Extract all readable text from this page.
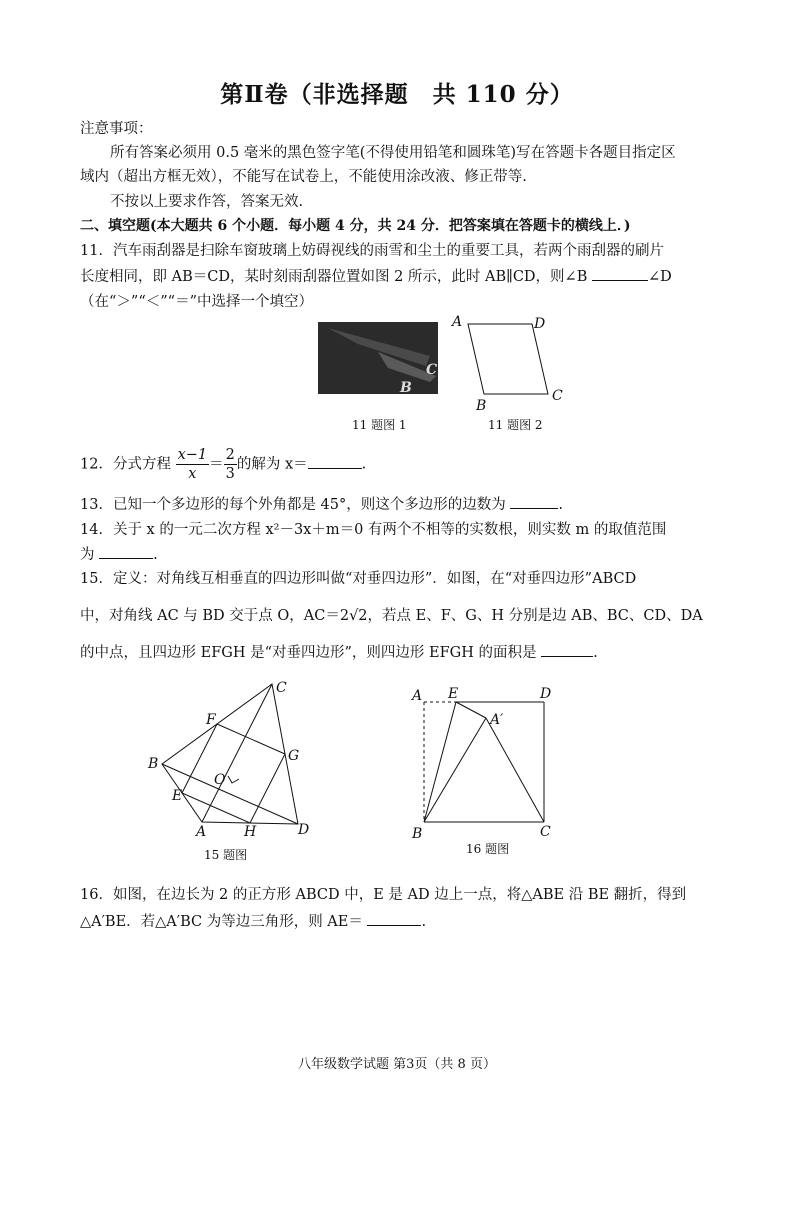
第Ⅱ卷（非选择题　共 110 分）
注意事项：
所有答案必须用 0.5 毫米的黑色签字笔(不得使用铅笔和圆珠笔)写在答题卡各题目指定区
域内（超出方框无效），不能写在试卷上，不能使用涂改液、修正带等.
不按以上要求作答，答案无效.
二、填空题(本大题共 6 个小题．每小题 4 分，共 24 分．把答案填在答题卡的横线上．)
11．汽车雨刮器是扫除车窗玻璃上妨碍视线的雨雪和尘土的重要工具，若两个雨刮器的刷片
长度相同，即 AB＝CD，某时刻雨刮器位置如图 2 所示，此时 AB∥CD，则∠B	∠D
（在“＞”“＜”“＝”中选择一个填空）
B
C
A	D
B
C
11 题图 1	11 题图 2
12．分式方程 $\frac{x-1}{x} = \frac{2}{3}$ 的解为 x＝	.
13．已知一个多边形的每个外角都是 45°，则这个多边形的边数为	.
14．关于 x 的一元二次方程 x²－3x＋m＝0 有两个不相等的实数根，则实数 m 的取值范围
为	.
15．定义：对角线互相垂直的四边形叫做“对垂四边形”．如图，在“对垂四边形”ABCD
中，对角线 AC 与 BD 交于点 O，AC＝2√2，若点 E、F、G、H 分别是边 AB、BC、CD、DA
的中点，且四边形 EFGH 是“对垂四边形”，则四边形 EFGH 的面积是	.
C
F
G
B
O
E
A	H	D
15 题图
A E	D
A′
B	C
16 题图
16．如图，在边长为 2 的正方形 ABCD 中，E 是 AD 边上一点，将△ABE 沿 BE 翻折，得到
△A′BE．若△A′BC 为等边三角形，则 AE＝	.
八年级数学试题 第3页（共 8 页）
